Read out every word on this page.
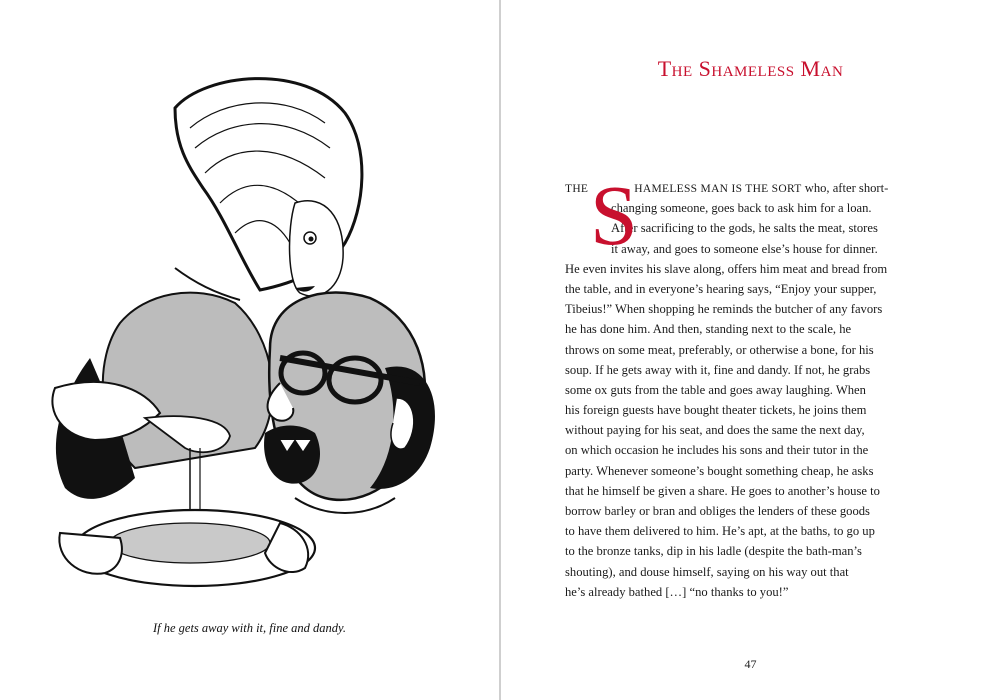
If he gets away with it, fine and dandy.
The Shameless Man
S
THE	HAMELESS MAN IS THE SORT who, after short-
changing someone, goes back to ask him for a loan.
After sacrificing to the gods, he salts the meat, stores
it away, and goes to someone else’s house for dinner.
He even invites his slave along, offers him meat and bread from
the table, and in everyone’s hearing says, “Enjoy your supper,
Tibeius!” When shopping he reminds the butcher of any favors
he has done him. And then, standing next to the scale, he
throws on some meat, preferably, or otherwise a bone, for his
soup. If he gets away with it, fine and dandy. If not, he grabs
some ox guts from the table and goes away laughing. When
his foreign guests have bought theater tickets, he joins them
without paying for his seat, and does the same the next day,
on which occasion he includes his sons and their tutor in the
party. Whenever someone’s bought something cheap, he asks
that he himself be given a share. He goes to another’s house to
borrow barley or bran and obliges the lenders of these goods
to have them delivered to him. He’s apt, at the baths, to go up
to the bronze tanks, dip in his ladle (despite the bath-man’s
shouting), and douse himself, saying on his way out that
he’s already bathed […] “no thanks to you!”
47
